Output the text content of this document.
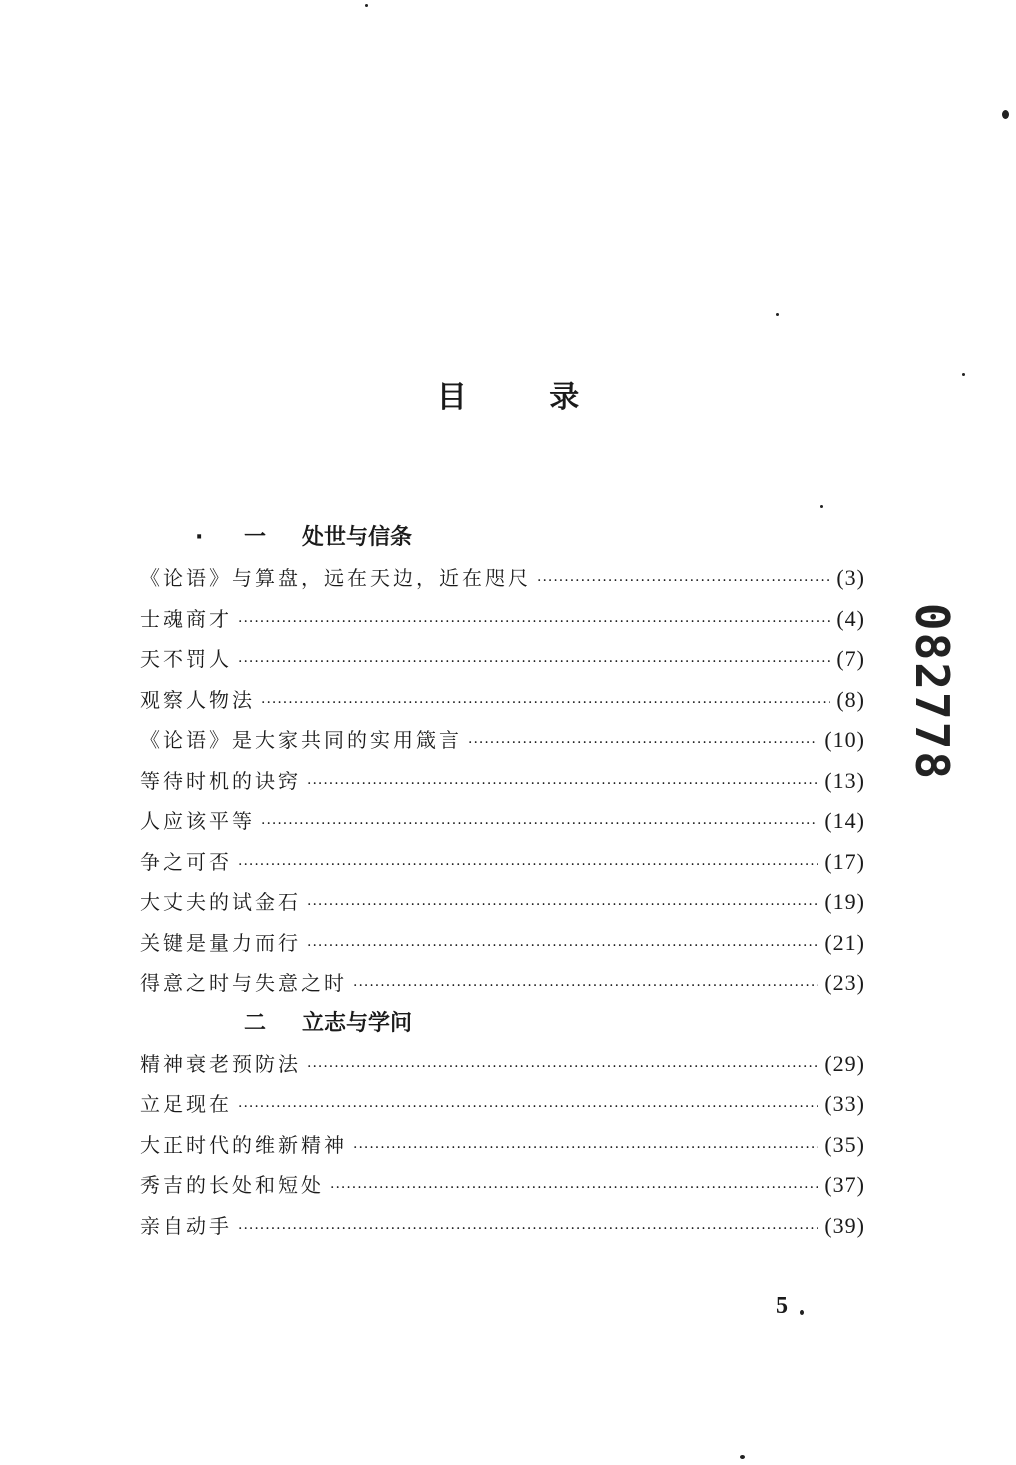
目 录
· 一 处世与信条
《论语》与算盘，远在天边，近在咫尺 ·····	(3)
士魂商才 ·····	(4)
天不罚人 ·····	(7)
观察人物法 ·····	(8)
《论语》是大家共同的实用箴言 ·····	(10)
等待时机的诀窍 ·····	(13)
人应该平等 ·····	(14)
争之可否 ·····	(17)
大丈夫的试金石 ·····	(19)
关键是量力而行 ·····	(21)
得意之时与失意之时 ·····	(23)
二 立志与学问
精神衰老预防法 ·····	(29)
立足现在 ·····	(33)
大正时代的维新精神 ·····	(35)
秀吉的长处和短处 ·····	(37)
亲自动手 ·····	(39)
082778
5
